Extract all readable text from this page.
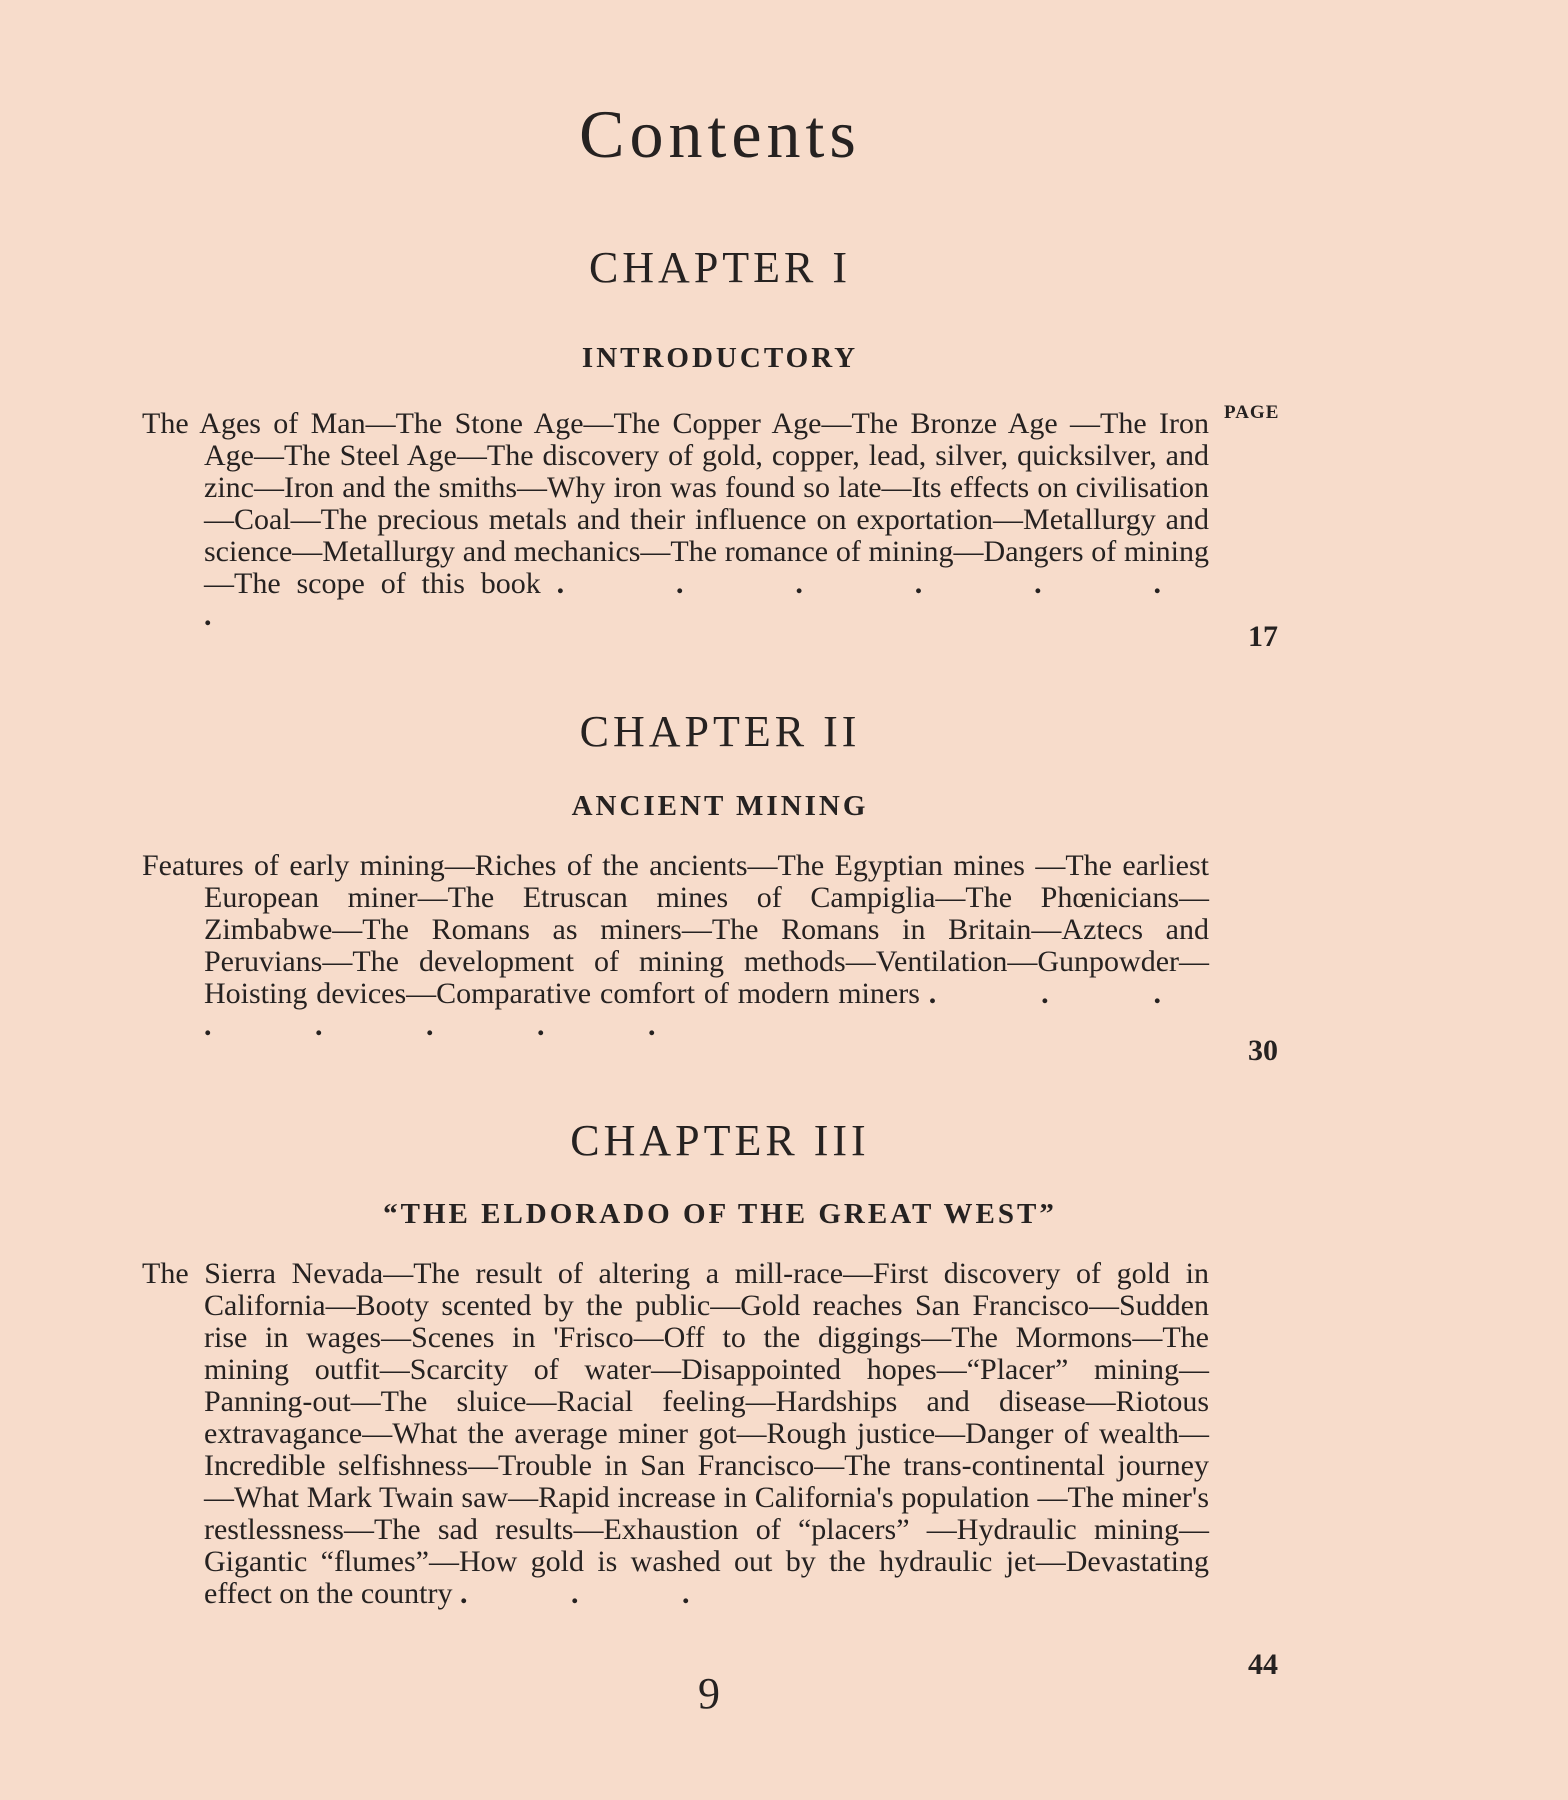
Contents
PAGE
CHAPTER I
INTRODUCTORY
The Ages of Man—The Stone Age—The Copper Age—The Bronze Age —The Iron Age—The Steel Age—The discovery of gold, copper, lead, silver, quicksilver, and zinc—Iron and the smiths—Why iron was found so late—Its effects on civilisation—Coal—The precious metals and their influence on exportation—Metallurgy and science—Metallurgy and mechanics—The romance of mining—Dangers of mining—The scope of this book . . . . . . .
17
CHAPTER II
ANCIENT MINING
Features of early mining—Riches of the ancients—The Egyptian mines —The earliest European miner—The Etruscan mines of Campiglia—The Phœnicians—Zimbabwe—The Romans as miners—The Romans in Britain—Aztecs and Peruvians—The development of mining methods—Ventilation—Gunpowder—Hoisting devices—Comparative comfort of modern miners . . . . . . . .
30
CHAPTER III
“THE ELDORADO OF THE GREAT WEST”
The Sierra Nevada—The result of altering a mill-race—First discovery of gold in California—Booty scented by the public—Gold reaches San Francisco—Sudden rise in wages—Scenes in 'Frisco—Off to the diggings—The Mormons—The mining outfit—Scarcity of water—Disappointed hopes—“Placer” mining—Panning-out—The sluice—Racial feeling—Hardships and disease—Riotous extravagance—What the average miner got—Rough justice—Danger of wealth—Incredible selfishness—Trouble in San Francisco—The trans-continental journey —What Mark Twain saw—Rapid increase in California's population —The miner's restlessness—The sad results—Exhaustion of “placers” —Hydraulic mining—Gigantic “flumes”—How gold is washed out by the hydraulic jet—Devastating effect on the country . . .
44
9
